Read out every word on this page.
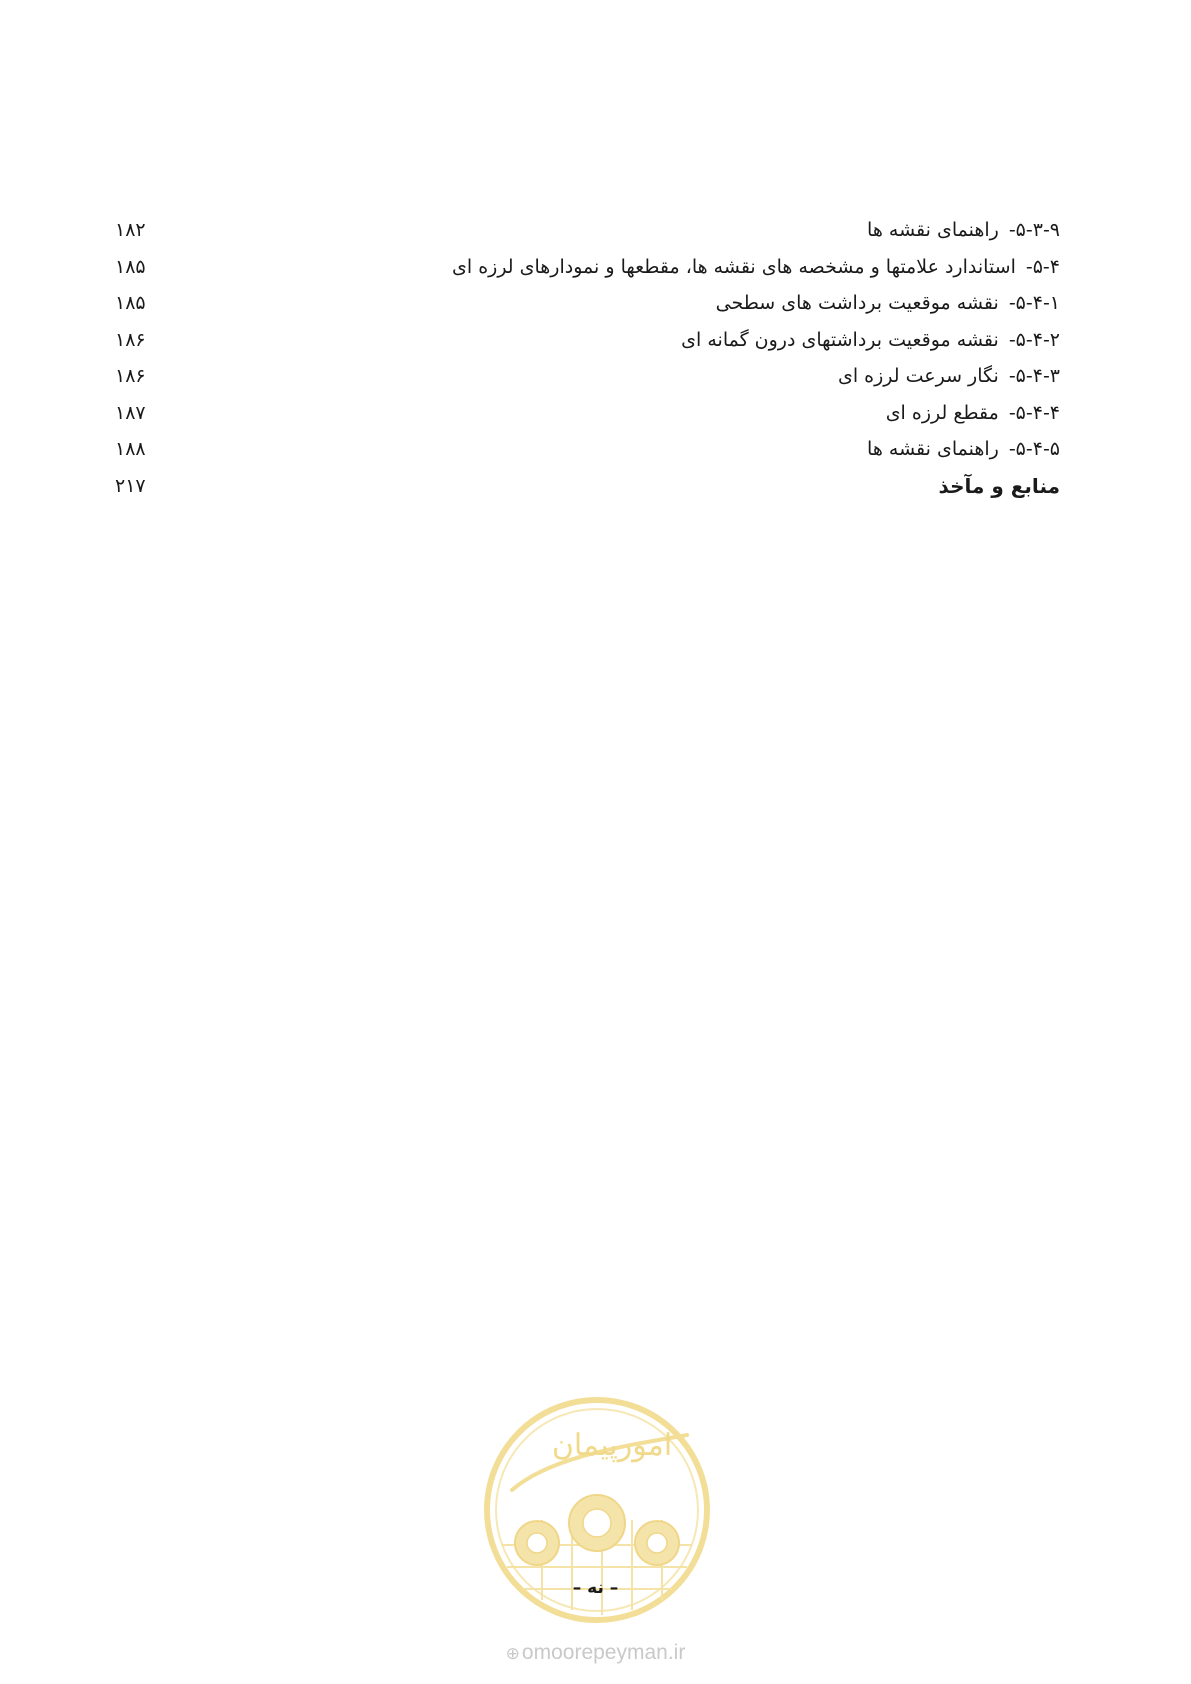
۵-۳-۹-راهنمای نقشه ها
۱۸۲
۵-۴-استاندارد علامتها و مشخصه های نقشه ها، مقطعها و نمودارهای لرزه ای
۱۸۵
۵-۴-۱-نقشه موقعیت برداشت های سطحی
۱۸۵
۵-۴-۲-نقشه موقعیت برداشتهای درون گمانه ای
۱۸۶
۵-۴-۳-نگار سرعت لرزه ای
۱۸۶
۵-۴-۴-مقطع لرزه ای
۱۸۷
۵-۴-۵-راهنمای نقشه ها
۱۸۸
منابع و مآخذ
۲۱۷
امورپیمان
– نه –
⊕omoorepeyman.ir
